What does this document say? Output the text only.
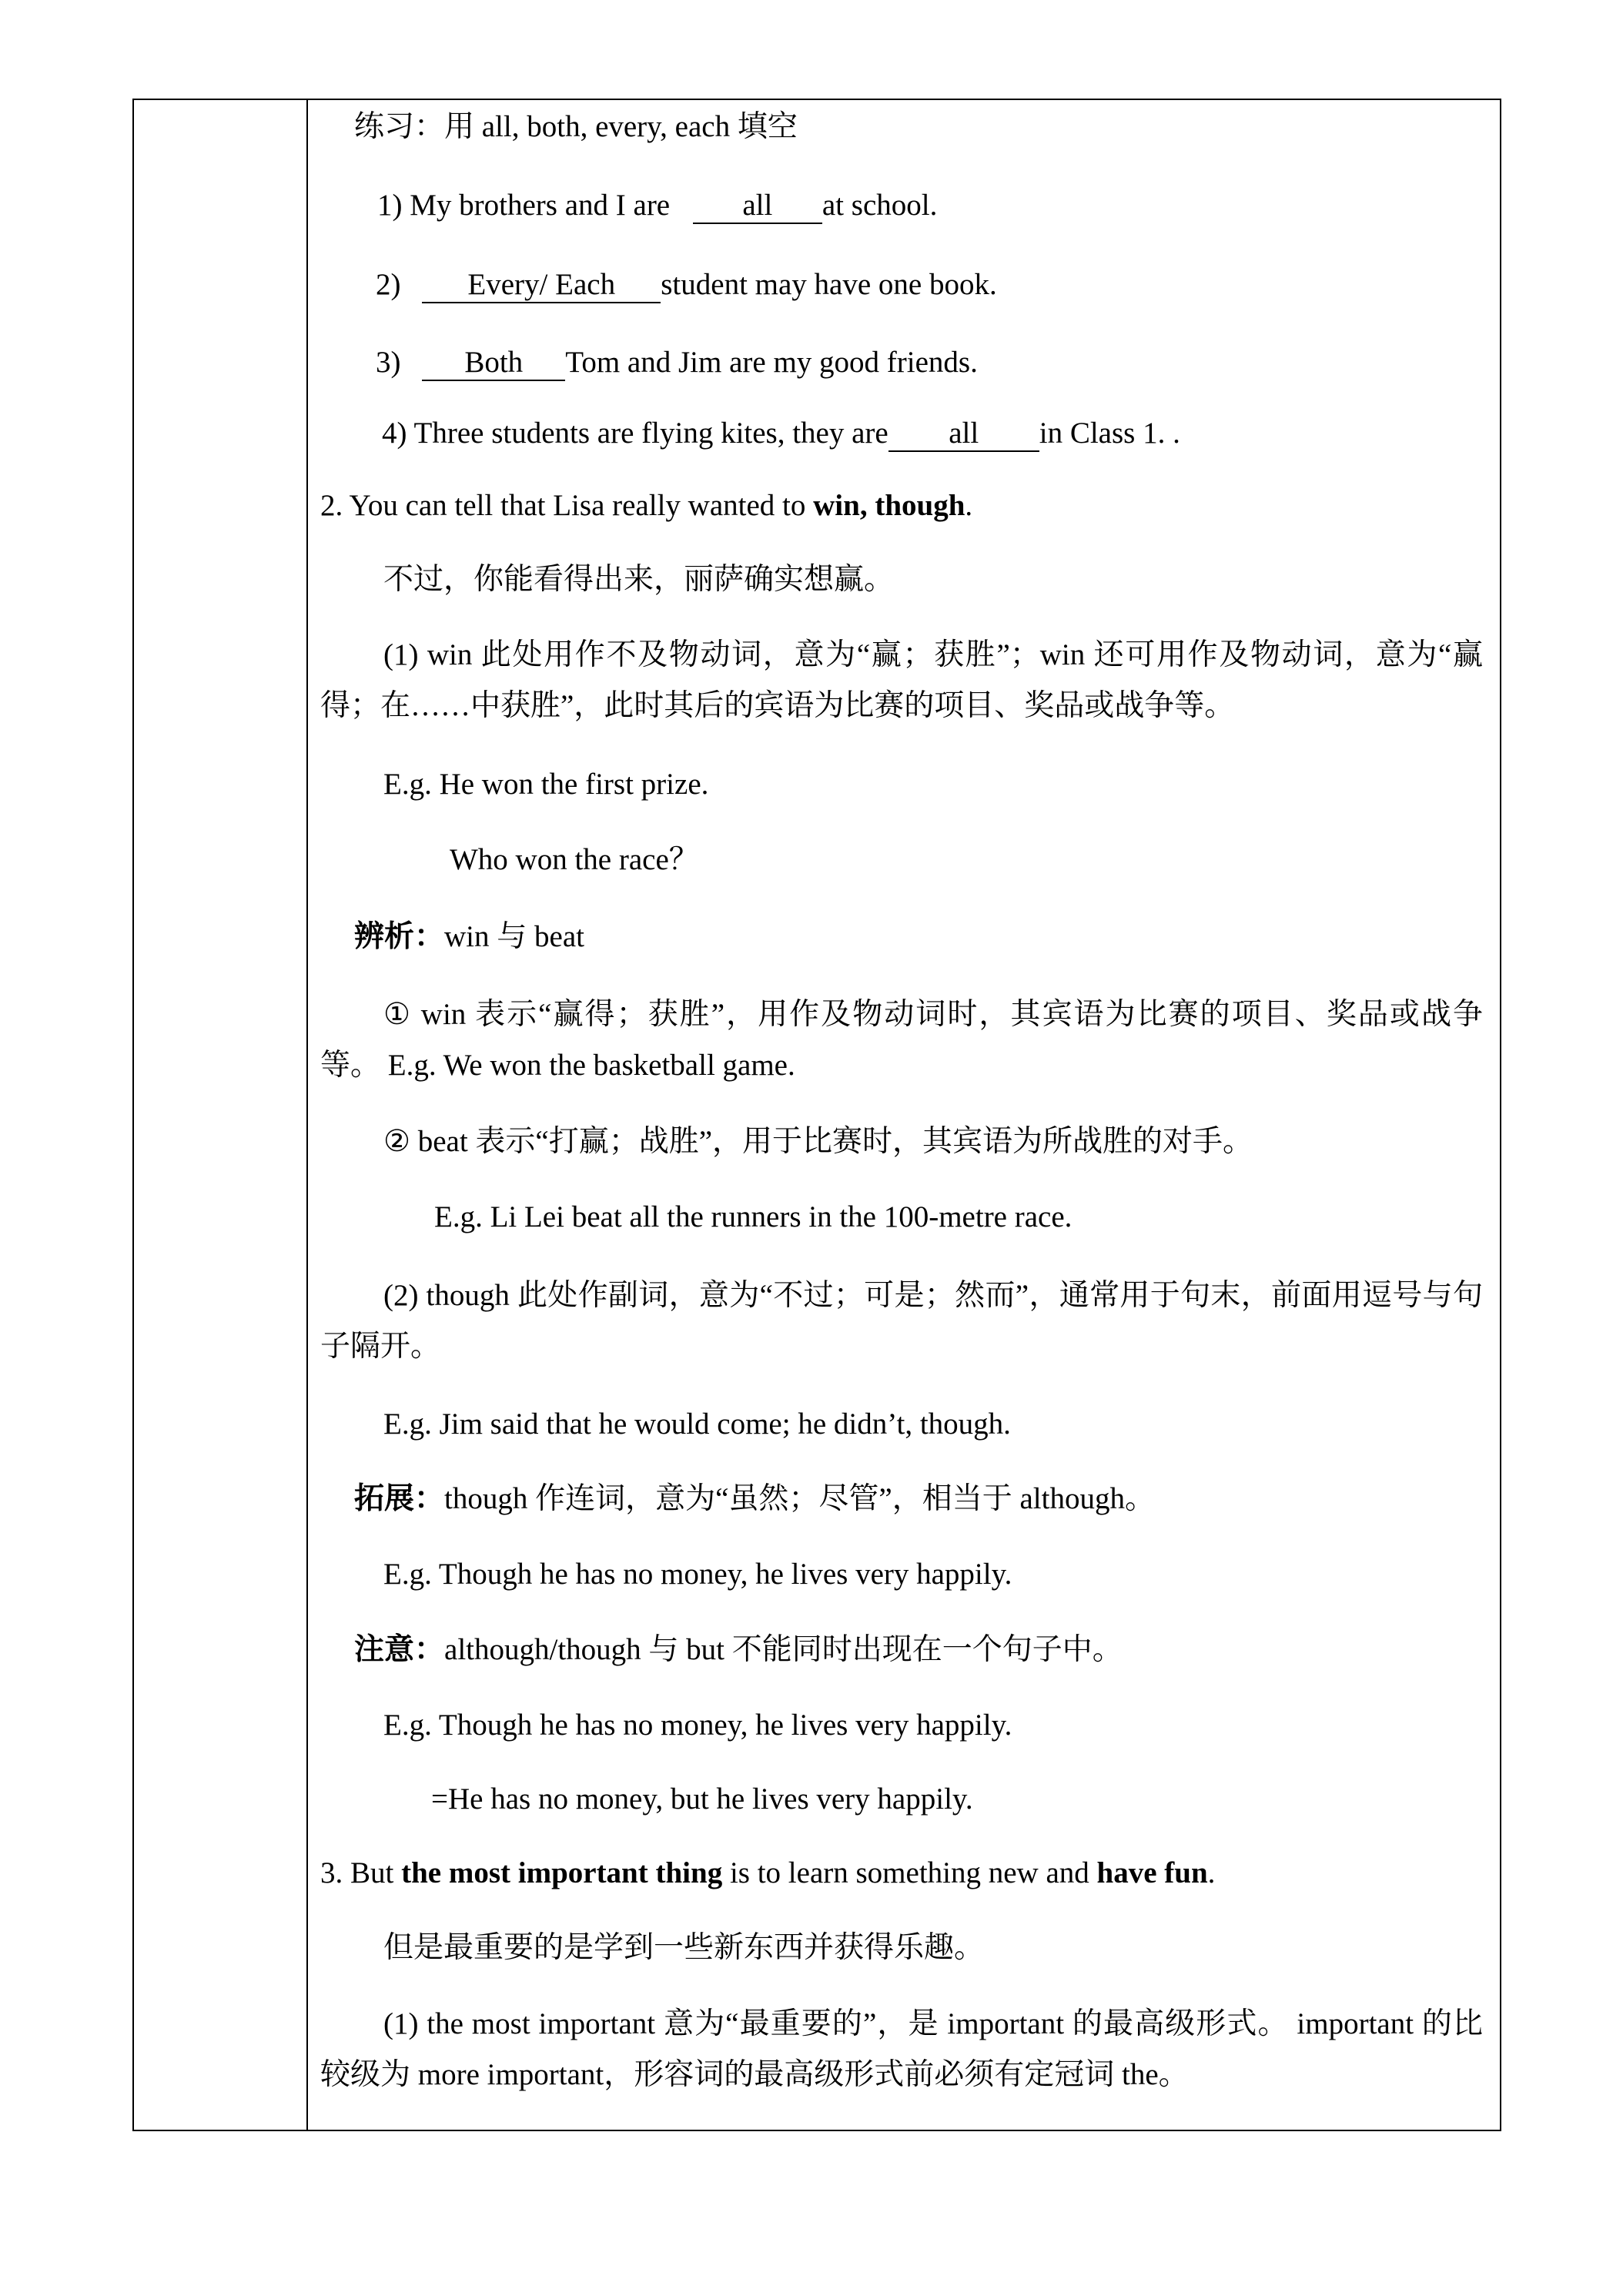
练习：用 all, both, every, each 填空
1) My brothers and I are all at school.
2) Every/ Each student may have one book.
3) Both Tom and Jim are my good friends.
4) Three students are flying kites, they are all in Class 1. .
2. You can tell that Lisa really wanted to win, though.
不过，你能看得出来，丽萨确实想赢。
(1) win 此处用作不及物动词，意为“赢；获胜”；win 还可用作及物动词，意为“赢得；在……中获胜”，此时其后的宾语为比赛的项目、奖品或战争等。
E.g. He won the first prize.
Who won the race？
辨析：win 与 beat
① win 表示“赢得；获胜”，用作及物动词时，其宾语为比赛的项目、奖品或战争等。 E.g. We won the basketball game.
② beat 表示“打赢；战胜”，用于比赛时，其宾语为所战胜的对手。
E.g. Li Lei beat all the runners in the 100-metre race.
(2) though 此处作副词，意为“不过；可是；然而”，通常用于句末，前面用逗号与句子隔开。
E.g. Jim said that he would come; he didn’t, though.
拓展：though 作连词，意为“虽然；尽管”，相当于 although。
E.g. Though he has no money, he lives very happily.
注意：although/though 与 but 不能同时出现在一个句子中。
E.g. Though he has no money, he lives very happily.
=He has no money, but he lives very happily.
3. But the most important thing is to learn something new and have fun.
但是最重要的是学到一些新东西并获得乐趣。
(1) the most important 意为“最重要的”，是 important 的最高级形式。 important 的比较级为 more important，形容词的最高级形式前必须有定冠词 the。
